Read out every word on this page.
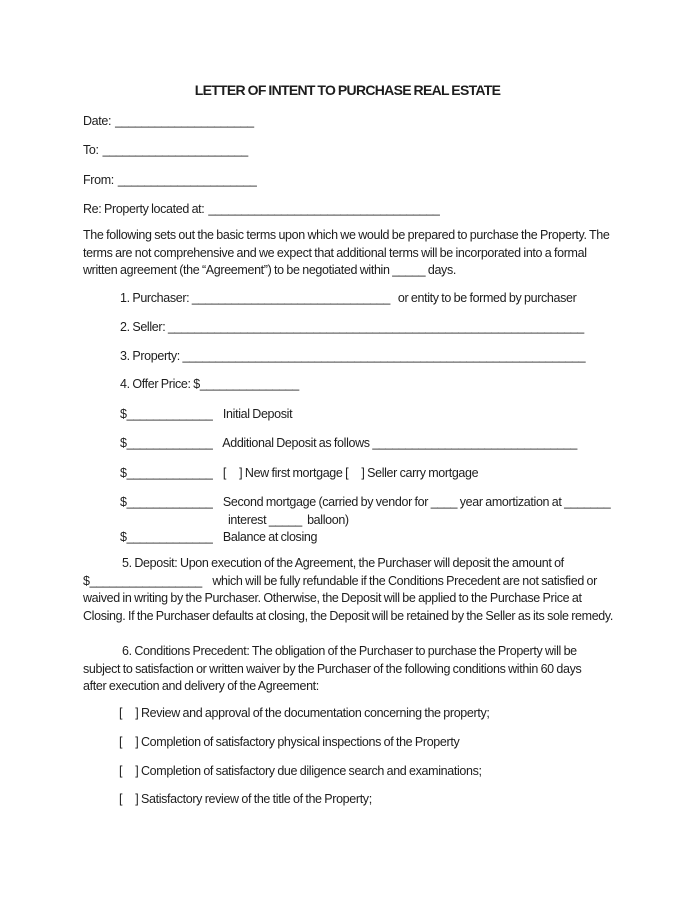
LETTER OF INTENT TO PURCHASE REAL ESTATE
Date: _____________________
To: ______________________
From: _____________________
Re: Property located at: ___________________________________
The following sets out the basic terms upon which we would be prepared to purchase the Property. The
terms are not comprehensive and we expect that additional terms will be incorporated into a formal
written agreement (the “Agreement”) to be negotiated within _____ days.
1. Purchaser: ______________________________   or entity to be formed by purchaser
2. Seller: _______________________________________________________________
3. Property: _____________________________________________________________
4. Offer Price: $_______________
$_____________    Initial Deposit
$_____________    Additional Deposit as follows _______________________________
$_____________    [     ] New first mortgage [     ] Seller carry mortgage
$_____________    Second mortgage (carried by vendor for ____ year amortization at _______
interest _____  balloon)
$_____________    Balance at closing
5. Deposit: Upon execution of the Agreement, the Purchaser will deposit the amount of
$_________________    which will be fully refundable if the Conditions Precedent are not satisfied or
waived in writing by the Purchaser. Otherwise, the Deposit will be applied to the Purchase Price at
Closing. If the Purchaser defaults at closing, the Deposit will be retained by the Seller as its sole remedy.
6. Conditions Precedent: The obligation of the Purchaser to purchase the Property will be
subject to satisfaction or written waiver by the Purchaser of the following conditions within 60 days
after execution and delivery of the Agreement:
[     ] Review and approval of the documentation concerning the property;
[     ] Completion of satisfactory physical inspections of the Property
[     ] Completion of satisfactory due diligence search and examinations;
[     ] Satisfactory review of the title of the Property;
